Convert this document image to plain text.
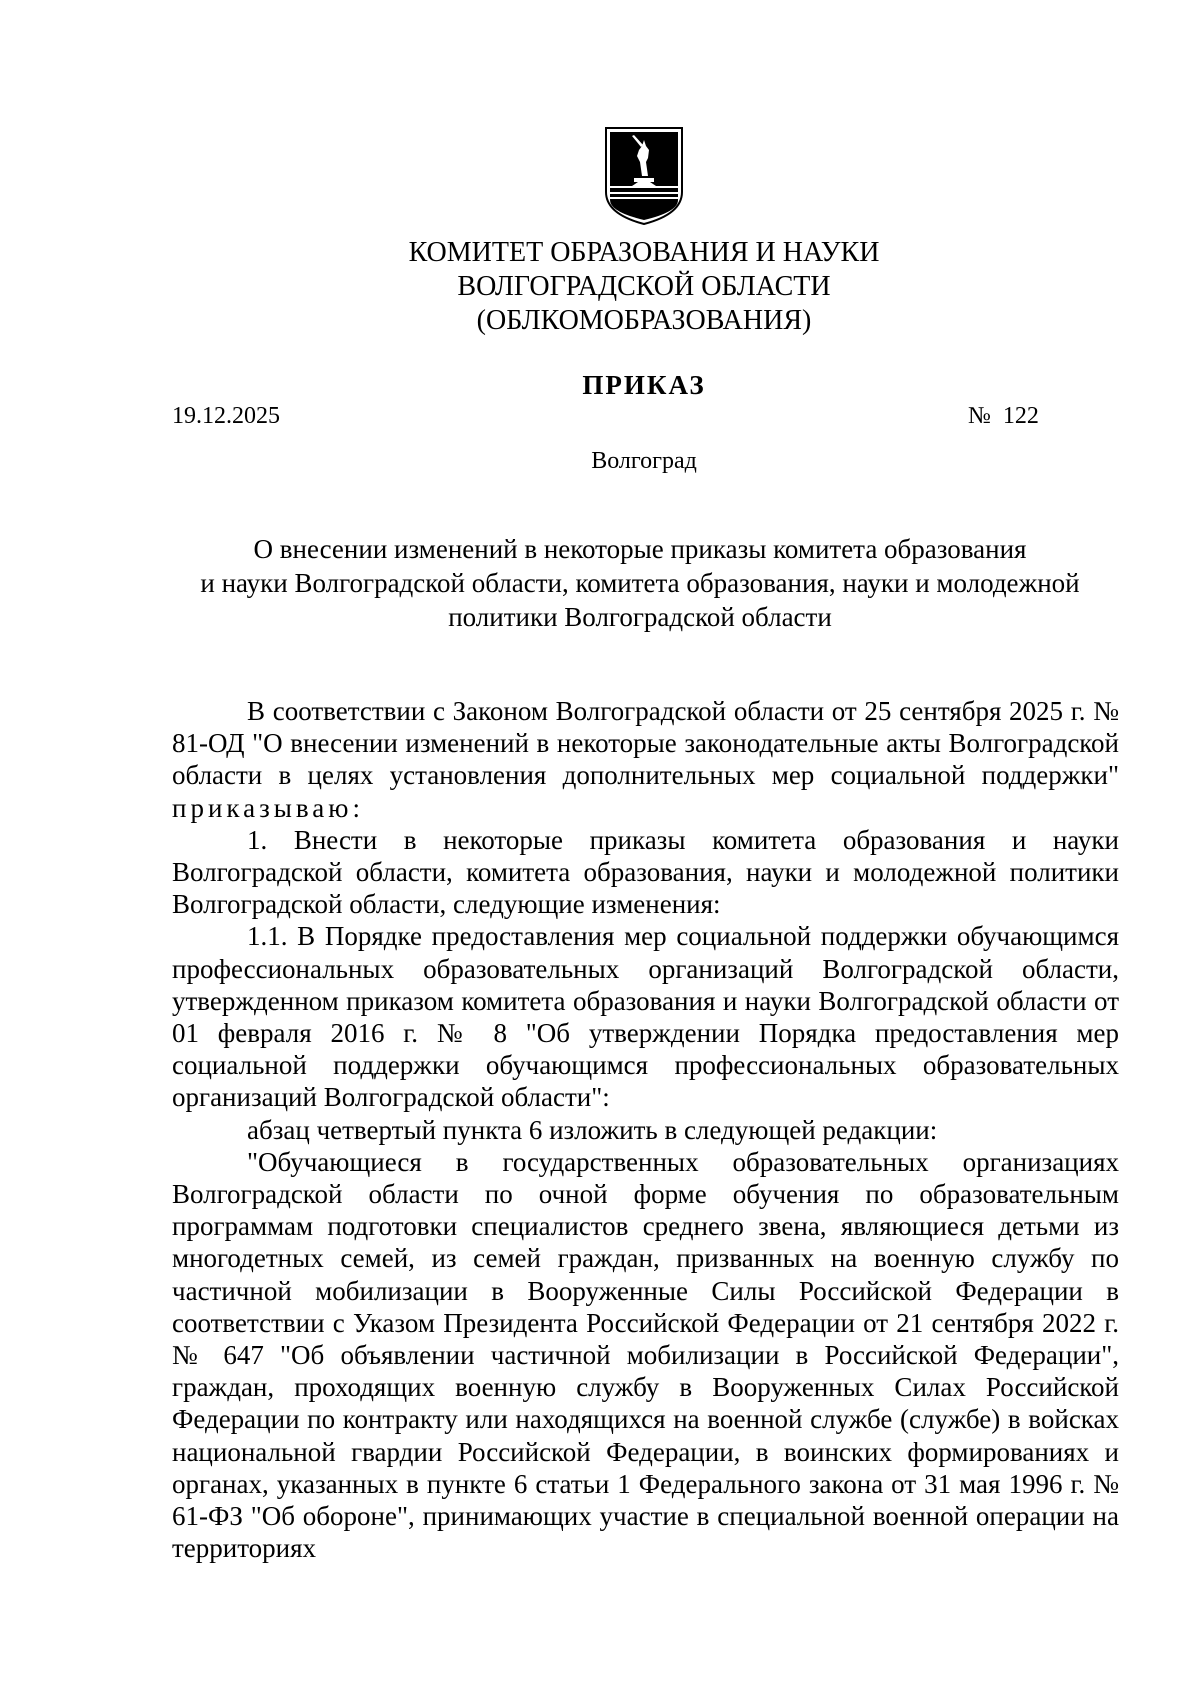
КОМИТЕТ ОБРАЗОВАНИЯ И НАУКИ
ВОЛГОГРАДСКОЙ ОБЛАСТИ
(ОБЛКОМОБРАЗОВАНИЯ)
ПРИКАЗ
19.12.2025	№  122
Волгоград
О внесении изменений в некоторые приказы комитета образования
и науки Волгоградской области, комитета образования, науки и молодежной
политики Волгоградской области

В соответствии с Законом Волгоградской области от 25 сентября 2025 г. № 81-ОД "О внесении изменений в некоторые законодательные акты Волгоградской области в целях установления дополнительных мер социальной поддержки" приказываю:

1. Внести в некоторые приказы комитета образования и науки Волгоградской области, комитета образования, науки и молодежной политики Волгоградской области, следующие изменения:

1.1. В Порядке предоставления мер социальной поддержки обучающимся профессиональных образовательных организаций Волгоградской области, утвержденном приказом комитета образования и науки Волгоградской области от 01 февраля 2016 г. № 8 "Об утверждении Порядка предоставления мер социальной поддержки обучающимся профессиональных образовательных организаций Волгоградской области":

абзац четвертый пункта 6 изложить в следующей редакции:

"Обучающиеся в государственных образовательных организациях Волгоградской области по очной форме обучения по образовательным программам подготовки специалистов среднего звена, являющиеся детьми из многодетных семей, из семей граждан, призванных на военную службу по частичной мобилизации в Вооруженные Силы Российской Федерации в соответствии с Указом Президента Российской Федерации от 21 сентября 2022 г. № 647 "Об объявлении частичной мобилизации в Российской Федерации", граждан, проходящих военную службу в Вооруженных Силах Российской Федерации по контракту или находящихся на военной службе (службе) в войсках национальной гвардии Российской Федерации, в воинских формированиях и органах, указанных в пункте 6 статьи 1 Федерального закона от 31 мая 1996 г. № 61-ФЗ "Об обороне", принимающих участие в специальной военной операции на территориях
